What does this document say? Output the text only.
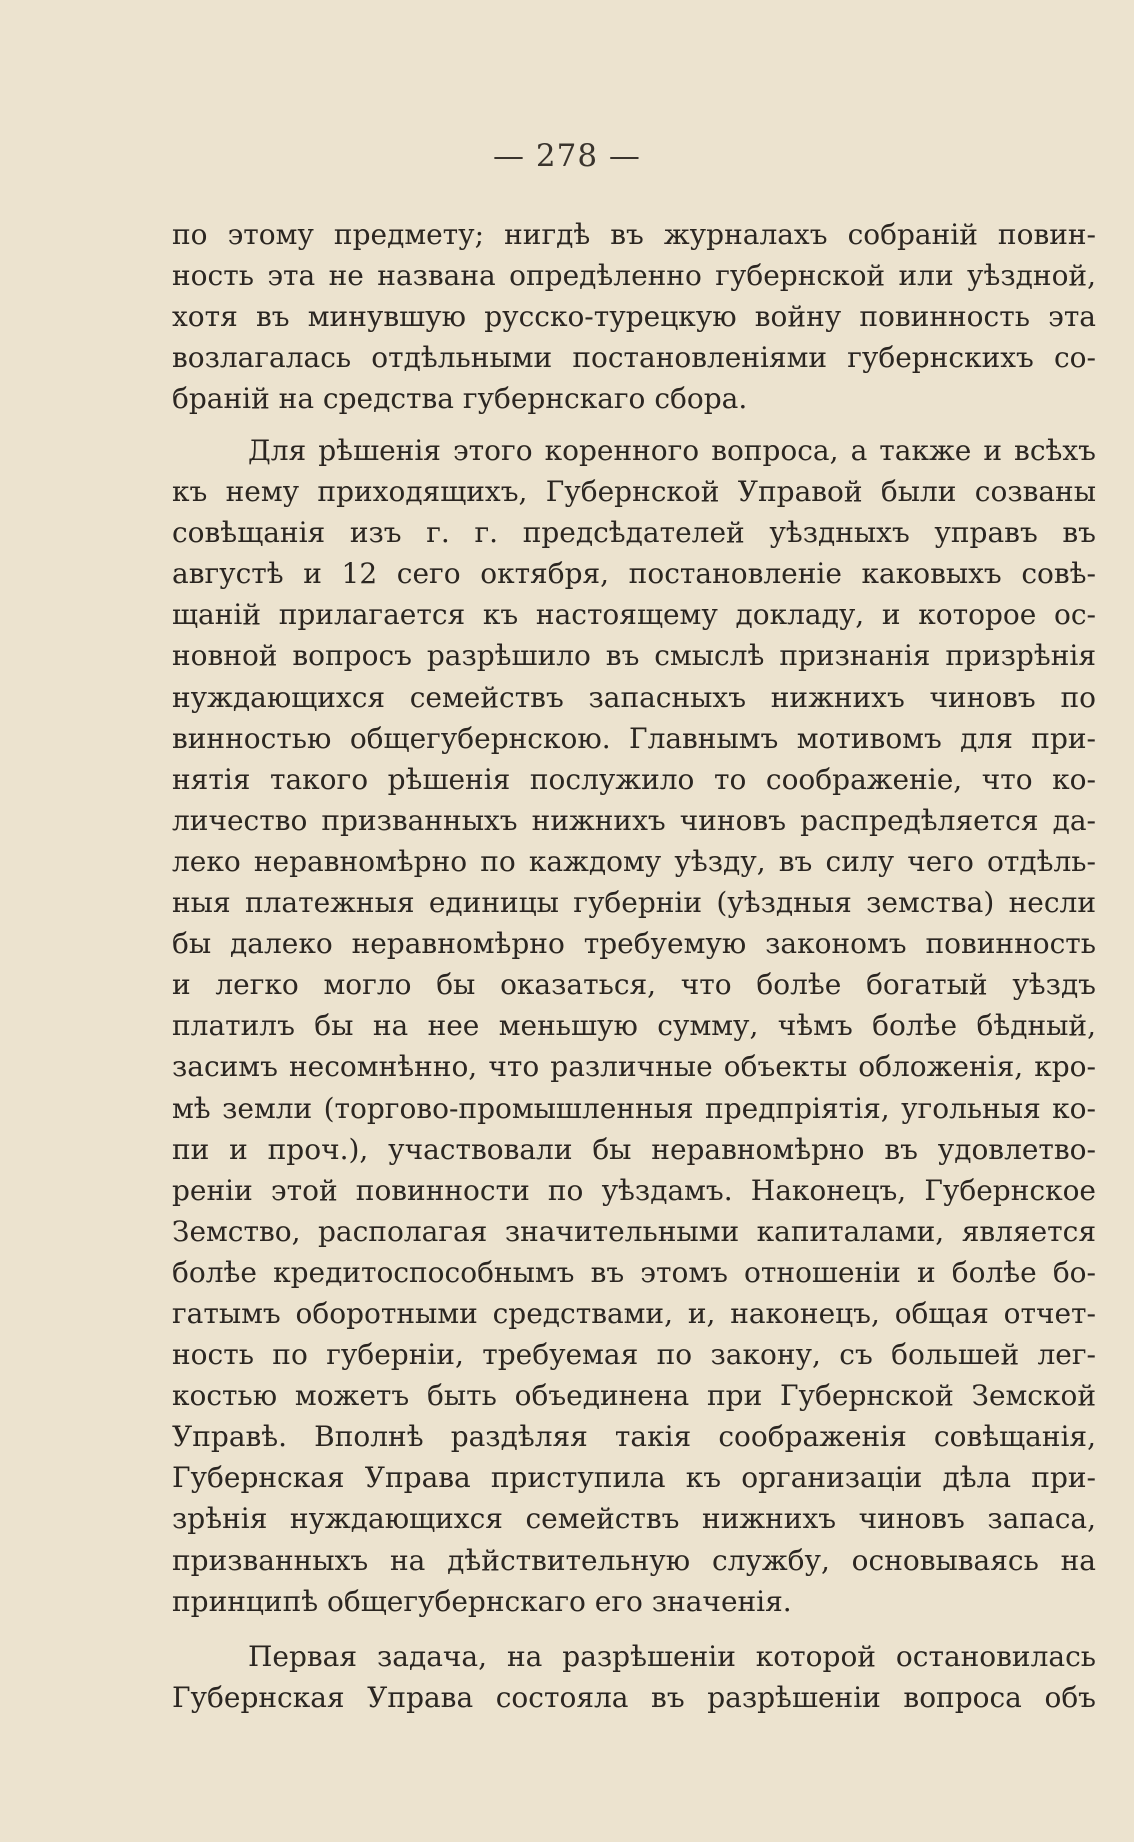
— 278 —
по этому предмету; нигдѣ въ журналахъ собраній повин-
ность эта не названа опредѣленно губернской или уѣздной,
хотя въ минувшую русско-турецкую войну повинность эта
возлагалась отдѣльными постановленіями губернскихъ со-
браній на средства губернскаго сбора.
Для рѣшенія этого коренного вопроса, а также и всѣхъ
къ нему приходящихъ, Губернской Управой были созваны
совѣщанія изъ г. г. предсѣдателей уѣздныхъ управъ въ
августѣ и 12 сего октября, постановленіе каковыхъ совѣ-
щаній прилагается къ настоящему докладу, и которое ос-
новной вопросъ разрѣшило въ смыслѣ признанія призрѣнія
нуждающихся семействъ запасныхъ нижнихъ чиновъ по
винностью общегубернскою. Главнымъ мотивомъ для при-
нятія такого рѣшенія послужило то соображеніе, что ко-
личество призванныхъ нижнихъ чиновъ распредѣляется да-
леко неравномѣрно по каждому уѣзду, въ силу чего отдѣль-
ныя платежныя единицы губерніи (уѣздныя земства) несли
бы далеко неравномѣрно требуемую закономъ повинность
и легко могло бы оказаться, что болѣе богатый уѣздъ
платилъ бы на нее меньшую сумму, чѣмъ болѣе бѣдный,
засимъ несомнѣнно, что различные объекты обложенія, кро-
мѣ земли (торгово-промышленныя предпріятія, угольныя ко-
пи и проч.), участвовали бы неравномѣрно въ удовлетво-
реніи этой повинности по уѣздамъ. Наконецъ, Губернское
Земство, располагая значительными капиталами, является
болѣе кредитоспособнымъ въ этомъ отношеніи и болѣе бо-
гатымъ оборотными средствами, и, наконецъ, общая отчет-
ность по губерніи, требуемая по закону, съ большей лег-
костью можетъ быть объединена при Губернской Земской
Управѣ. Вполнѣ раздѣляя такія соображенія совѣщанія,
Губернская Управа приступила къ организаціи дѣла при-
зрѣнія нуждающихся семействъ нижнихъ чиновъ запаса,
призванныхъ на дѣйствительную службу, основываясь на
принципѣ общегубернскаго его значенія.
Первая задача, на разрѣшеніи которой остановилась
Губернская Управа состояла въ разрѣшеніи вопроса объ
